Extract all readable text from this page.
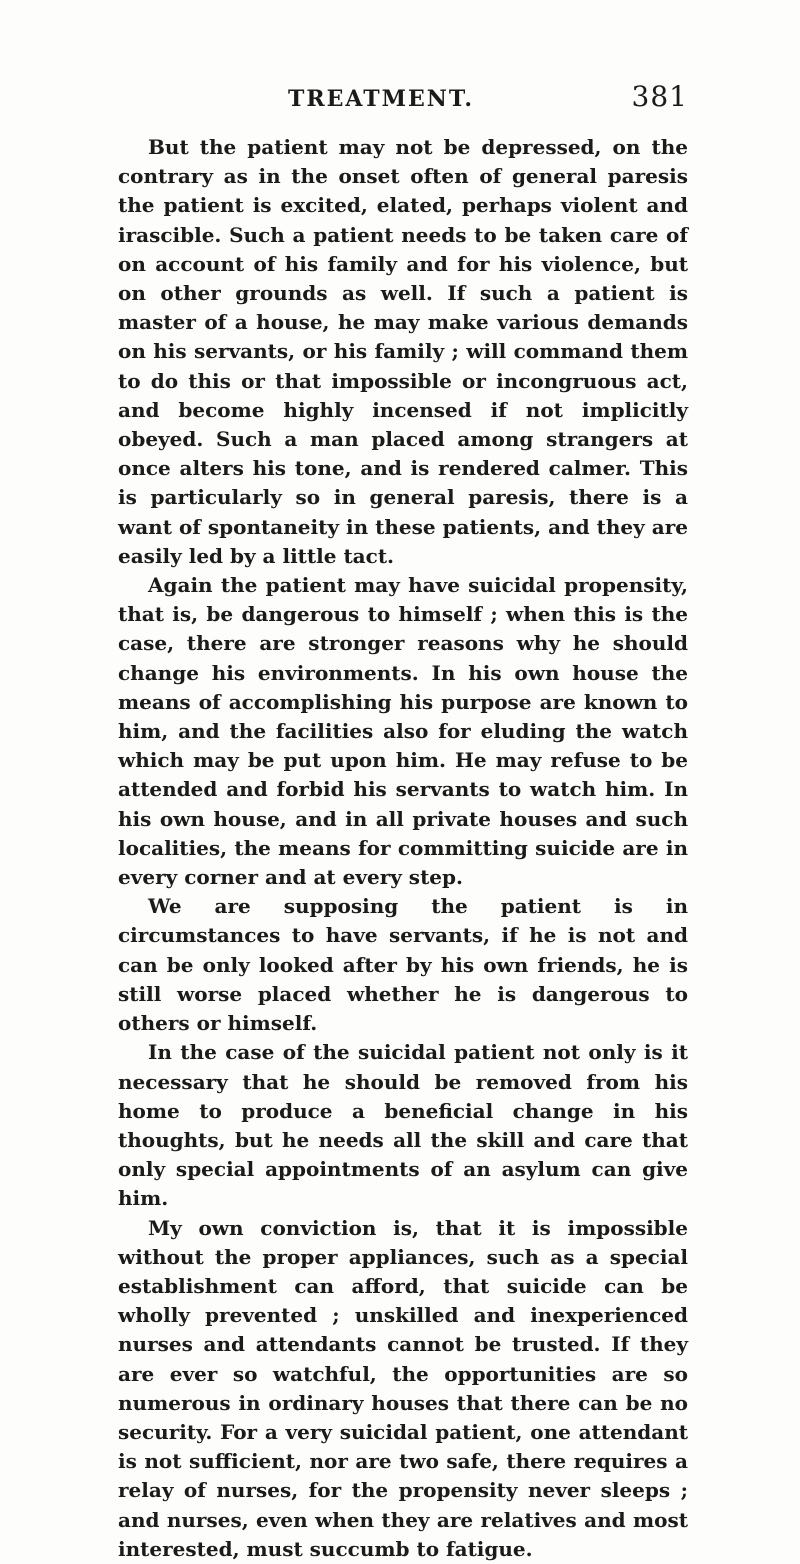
TREATMENT.	381

But the patient may not be depressed, on the contrary as in the onset often of general paresis the patient is excited, elated, perhaps violent and irascible. Such a patient needs to be taken care of on account of his family and for his violence, but on other grounds as well. If such a patient is master of a house, he may make various demands on his servants, or his family ; will command them to do this or that impossible or incongruous act, and become highly incensed if not implicitly obeyed. Such a man placed among strangers at once alters his tone, and is rendered calmer. This is particularly so in general paresis, there is a want of spontaneity in these patients, and they are easily led by a little tact.

Again the patient may have suicidal propensity, that is, be dangerous to himself ; when this is the case, there are stronger reasons why he should change his environments. In his own house the means of accomplishing his purpose are known to him, and the facilities also for eluding the watch which may be put upon him. He may refuse to be attended and forbid his servants to watch him. In his own house, and in all private houses and such localities, the means for committing suicide are in every corner and at every step.

We are supposing the patient is in circumstances to have servants, if he is not and can be only looked after by his own friends, he is still worse placed whether he is dangerous to others or himself.

In the case of the suicidal patient not only is it necessary that he should be removed from his home to produce a beneficial change in his thoughts, but he needs all the skill and care that only special appointments of an asylum can give him.

My own conviction is, that it is impossible without the proper appliances, such as a special establishment can afford, that suicide can be wholly prevented ; unskilled and inexperienced nurses and attendants cannot be trusted. If they are ever so watchful, the opportunities are so numerous in ordinary houses that there can be no security. For a very suicidal patient, one attendant is not sufficient, nor are two safe, there requires a relay of nurses, for the propensity never sleeps ; and nurses, even when they are relatives and most interested, must succumb to fatigue.
